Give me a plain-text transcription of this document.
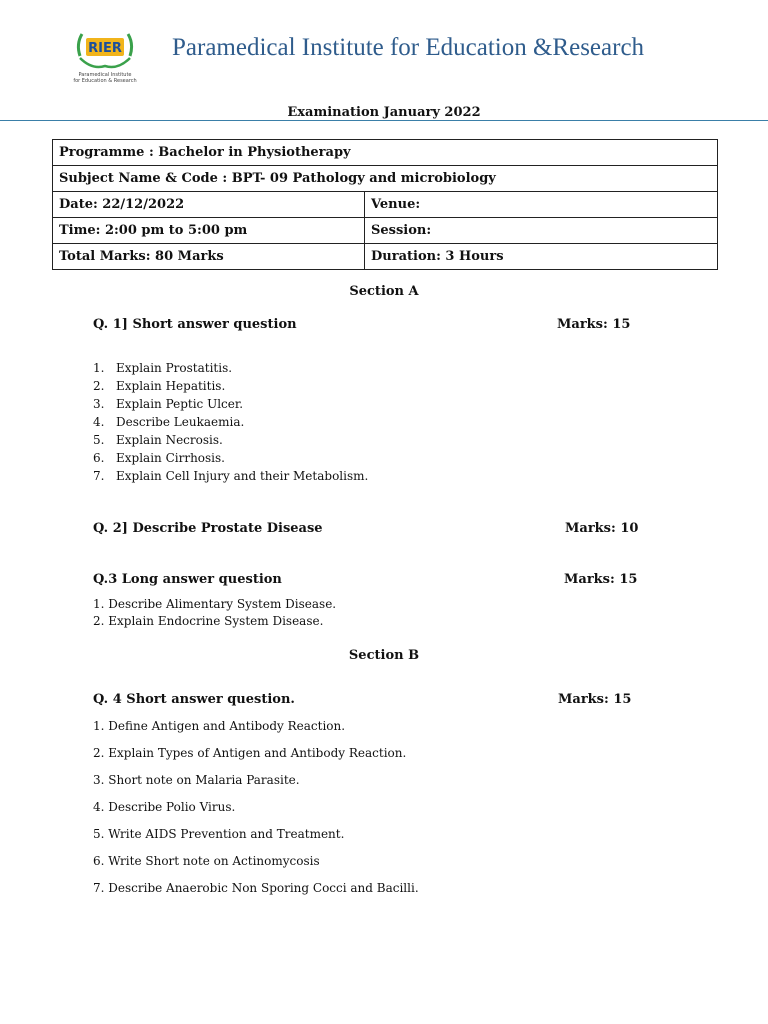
RIER
Paramedical Institute
for Education & Research
Paramedical Institute for Education &Research
Examination January 2022
Programme : Bachelor in Physiotherapy	
Subject Name & Code : BPT- 09 Pathology and microbiology	
Date: 22/12/2022	Venue:
Time: 2:00 pm to 5:00 pm	Session:
Total Marks: 80 Marks	Duration: 3 Hours
Section A
Q. 1] Short answer question	Marks: 15
1. Explain Prostatitis.
2. Explain Hepatitis.
3. Explain Peptic Ulcer.
4. Describe Leukaemia.
5. Explain Necrosis.
6. Explain Cirrhosis.
7. Explain Cell Injury and their Metabolism.
Q. 2] Describe Prostate Disease	Marks: 10
Q.3 Long answer question	Marks: 15
1. Describe Alimentary System Disease.
2. Explain Endocrine System Disease.
Section B
Q. 4 Short answer question.	Marks: 15
1. Define Antigen and Antibody Reaction.
2. Explain Types of Antigen and Antibody Reaction.
3. Short note on Malaria Parasite.
4. Describe Polio Virus.
5. Write AIDS Prevention and Treatment.
6. Write Short note on Actinomycosis
7. Describe Anaerobic Non Sporing Cocci and Bacilli.
